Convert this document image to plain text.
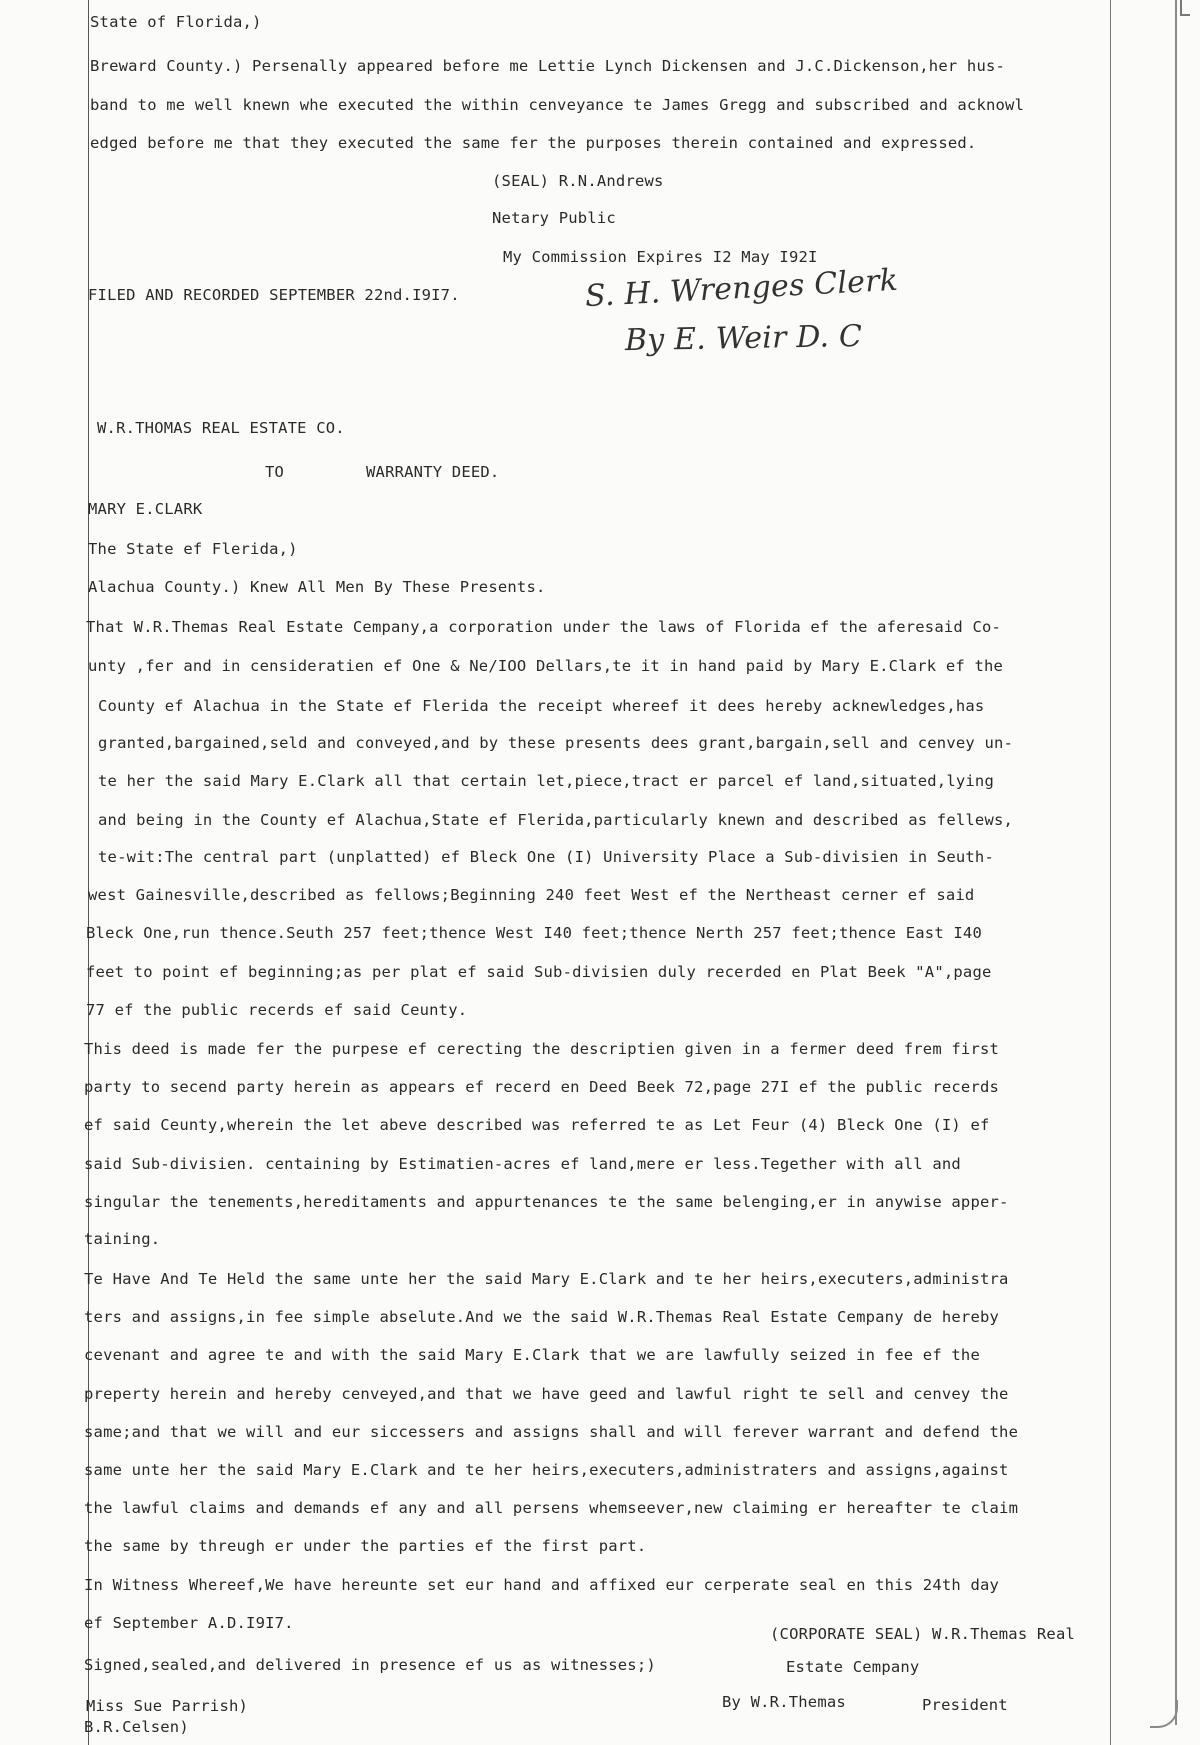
State of Florida,)
Breward County.) Persenally appeared before me Lettie Lynch Dickensen and J.C.Dickenson,her hus-
band to me well knewn whe executed the within cenveyance te James Gregg and subscribed and acknowl
edged before me that they executed the same fer the purposes therein contained and expressed.
(SEAL) R.N.Andrews
Netary Public
My Commission Expires I2 May I92I
FILED AND RECORDED SEPTEMBER 22nd.I9I7.	S. H. Wrenges Clerk
By E. Weir D. C
W.R.THOMAS REAL ESTATE CO.
TO	WARRANTY DEED.
MARY E.CLARK
The State ef Flerida,)
Alachua County.) Knew All Men By These Presents.
That W.R.Themas Real Estate Cempany,a corporation under the laws of Florida ef the aferesaid Co-
unty ,fer and in censideratien ef One & Ne/IOO Dellars,te it in hand paid by Mary E.Clark ef the
County ef Alachua in the State ef Flerida the receipt whereef it dees hereby acknewledges,has
granted,bargained,seld and conveyed,and by these presents dees grant,bargain,sell and cenvey un-
te her the said Mary E.Clark all that certain let,piece,tract er parcel ef land,situated,lying
and being in the County ef Alachua,State ef Flerida,particularly knewn and described as fellews,
te-wit:The central part (unplatted) ef Bleck One (I) University Place a Sub-divisien in Seuth-
west Gainesville,described as fellows;Beginning 240 feet West ef the Nertheast cerner ef said
Bleck One,run thence.Seuth 257 feet;thence West I40 feet;thence Nerth 257 feet;thence East I40
feet to point ef beginning;as per plat ef said Sub-divisien duly recerded en Plat Beek "A",page
77 ef the public recerds ef said Ceunty.
This deed is made fer the purpese ef cerecting the descriptien given in a fermer deed frem first
party to secend party herein as appears ef recerd en Deed Beek 72,page 27I ef the public recerds
ef said Ceunty,wherein the let abeve described was referred te as Let Feur (4) Bleck One (I) ef
said Sub-divisien. centaining by Estimatien-acres ef land,mere er less.Tegether with all and
singular the tenements,hereditaments and appurtenances te the same belenging,er in anywise apper-
taining.
Te Have And Te Held the same unte her the said Mary E.Clark and te her heirs,executers,administra
ters and assigns,in fee simple abselute.And we the said W.R.Themas Real Estate Cempany de hereby
cevenant and agree te and with the said Mary E.Clark that we are lawfully seized in fee ef the
preperty herein and hereby cenveyed,and that we have geed and lawful right te sell and cenvey the
same;and that we will and eur siccessers and assigns shall and will ferever warrant and defend the
same unte her the said Mary E.Clark and te her heirs,executers,administraters and assigns,against
the lawful claims and demands ef any and all persens whemseever,new claiming er hereafter te claim
the same by threugh er under the parties ef the first part.
In Witness Whereef,We have hereunte set eur hand and affixed eur cerperate seal en this 24th day
ef September A.D.I9I7.
(CORPORATE SEAL) W.R.Themas Real
Signed,sealed,and delivered in presence ef us as witnesses;)	Estate Cempany
Miss Sue Parrish)	By W.R.Themas	President
B.R.Celsen)
